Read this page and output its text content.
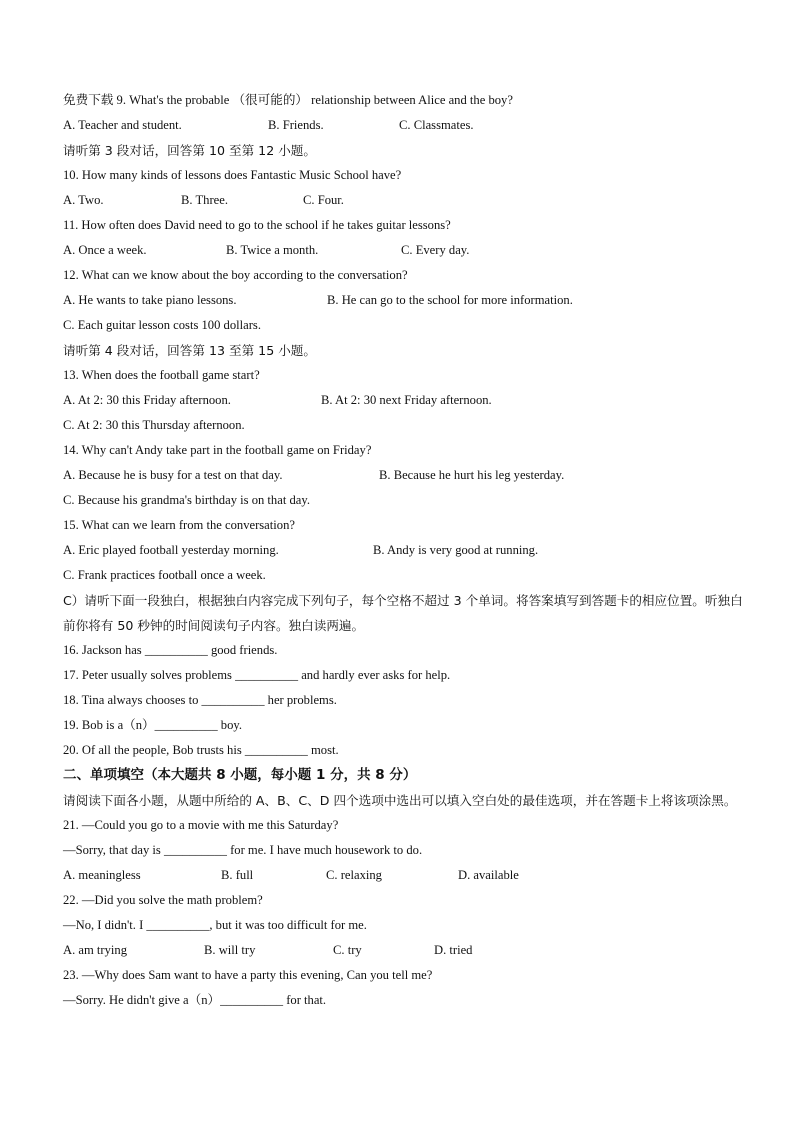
免费下载 9. What's the probable （很可能的） relationship between Alice and the boy?
A. Teacher and student.	B. Friends.	C. Classmates.
请听第 3 段对话，回答第 10 至第 12 小题。
10. How many kinds of lessons does Fantastic Music School have?
A. Two.	B. Three.	C. Four.
11. How often does David need to go to the school if he takes guitar lessons?
A. Once a week.	B. Twice a month.	C. Every day.
12. What can we know about the boy according to the conversation?
A. He wants to take piano lessons.	B. He can go to the school for more information.
C. Each guitar lesson costs 100 dollars.
请听第 4 段对话，回答第 13 至第 15 小题。
13. When does the football game start?
A. At 2: 30 this Friday afternoon.	B. At 2: 30 next Friday afternoon.
C. At 2: 30 this Thursday afternoon.
14. Why can't Andy take part in the football game on Friday?
A. Because he is busy for a test on that day.	B. Because he hurt his leg yesterday.
C. Because his grandma's birthday is on that day.
15. What can we learn from the conversation?
A. Eric played football yesterday morning.	B. Andy is very good at running.
C. Frank practices football once a week.
C）请听下面一段独白，根据独白内容完成下列句子，每个空格不超过 3 个单词。将答案填写到答题卡的相应位置。听独白前你将有 50 秒钟的时间阅读句子内容。独白读两遍。
16. Jackson has __________ good friends.
17. Peter usually solves problems __________ and hardly ever asks for help.
18. Tina always chooses to __________ her problems.
19. Bob is a（n）__________ boy.
20. Of all the people, Bob trusts his __________ most.
二、单项填空（本大题共 8 小题，每小题 1 分，共 8 分）
请阅读下面各小题，从题中所给的 A、B、C、D 四个选项中选出可以填入空白处的最佳选项，并在答题卡上将该项涂黑。
21. —Could you go to a movie with me this Saturday?
—Sorry, that day is __________ for me. I have much housework to do.
A. meaningless	B. full	C. relaxing	D. available
22. —Did you solve the math problem?
—No, I didn't. I __________, but it was too difficult for me.
A. am trying	B. will try	C. try	D. tried
23. —Why does Sam want to have a party this evening, Can you tell me?
—Sorry. He didn't give a（n）__________ for that.
